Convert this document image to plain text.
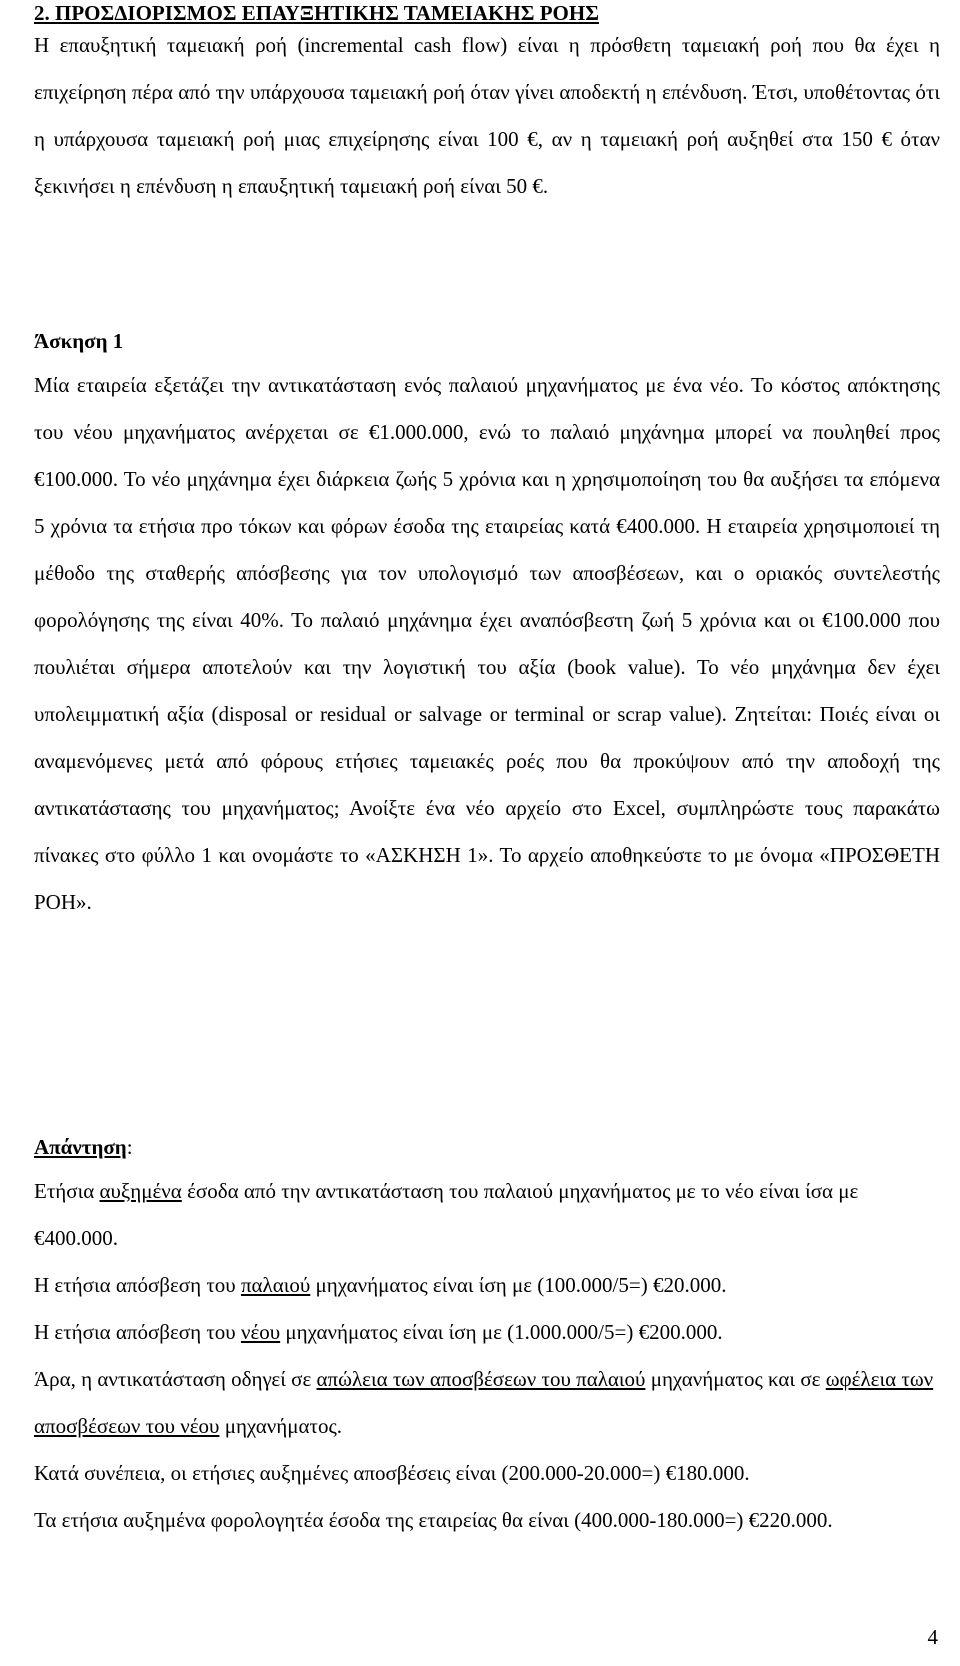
2. ΠΡΟΣΔΙΟΡΙΣΜΟΣ ΕΠΑΥΞΗΤΙΚΗΣ ΤΑΜΕΙΑΚΗΣ ΡΟΗΣ
Η επαυξητική ταμειακή ροή (incremental cash flow) είναι η πρόσθετη ταμειακή ροή που θα έχει η επιχείρηση πέρα από την υπάρχουσα ταμειακή ροή όταν γίνει αποδεκτή η επένδυση. Έτσι, υποθέτοντας ότι η υπάρχουσα ταμειακή ροή μιας επιχείρησης είναι 100 €, αν η ταμειακή ροή αυξηθεί στα 150 € όταν ξεκινήσει η επένδυση η επαυξητική ταμειακή ροή είναι 50 €.
Άσκηση 1
Μία εταιρεία εξετάζει την αντικατάσταση ενός παλαιού μηχανήματος με ένα νέο. Το κόστος απόκτησης του νέου μηχανήματος ανέρχεται σε €1.000.000, ενώ το παλαιό μηχάνημα μπορεί να πουληθεί προς €100.000. Το νέο μηχάνημα έχει διάρκεια ζωής 5 χρόνια και η χρησιμοποίηση του θα αυξήσει τα επόμενα 5 χρόνια τα ετήσια προ τόκων και φόρων έσοδα της εταιρείας κατά €400.000. Η εταιρεία χρησιμοποιεί τη μέθοδο της σταθερής απόσβεσης για τον υπολογισμό των αποσβέσεων, και ο οριακός συντελεστής φορολόγησης της είναι 40%. Το παλαιό μηχάνημα έχει αναπόσβεστη ζωή 5 χρόνια και οι €100.000 που πουλιέται σήμερα αποτελούν και την λογιστική του αξία (book value). Το νέο μηχάνημα δεν έχει υπολειμματική αξία (disposal or residual or salvage or terminal or scrap value). Ζητείται: Ποιές είναι οι αναμενόμενες μετά από φόρους ετήσιες ταμειακές ροές που θα προκύψουν από την αποδοχή της αντικατάστασης του μηχανήματος; Ανοίξτε ένα νέο αρχείο στο Excel, συμπληρώστε τους παρακάτω πίνακες στο φύλλο 1 και ονομάστε το «ΑΣΚΗΣΗ 1». Το αρχείο αποθηκεύστε το με όνομα «ΠΡΟΣΘΕΤΗ ΡΟΗ».
Απάντηση:

Ετήσια αυξημένα έσοδα από την αντικατάσταση του παλαιού μηχανήματος με το νέο είναι ίσα με €400.000.

Η ετήσια απόσβεση του παλαιού μηχανήματος είναι ίση με (100.000/5=) €20.000.

Η ετήσια απόσβεση του νέου μηχανήματος είναι ίση με (1.000.000/5=) €200.000.

Άρα, η αντικατάσταση οδηγεί σε απώλεια των αποσβέσεων του παλαιού μηχανήματος και σε ωφέλεια των αποσβέσεων του νέου μηχανήματος.

Κατά συνέπεια, οι ετήσιες αυξημένες αποσβέσεις είναι (200.000-20.000=) €180.000.

Τα ετήσια αυξημένα φορολογητέα έσοδα της εταιρείας θα είναι (400.000-180.000=) €220.000.

4
